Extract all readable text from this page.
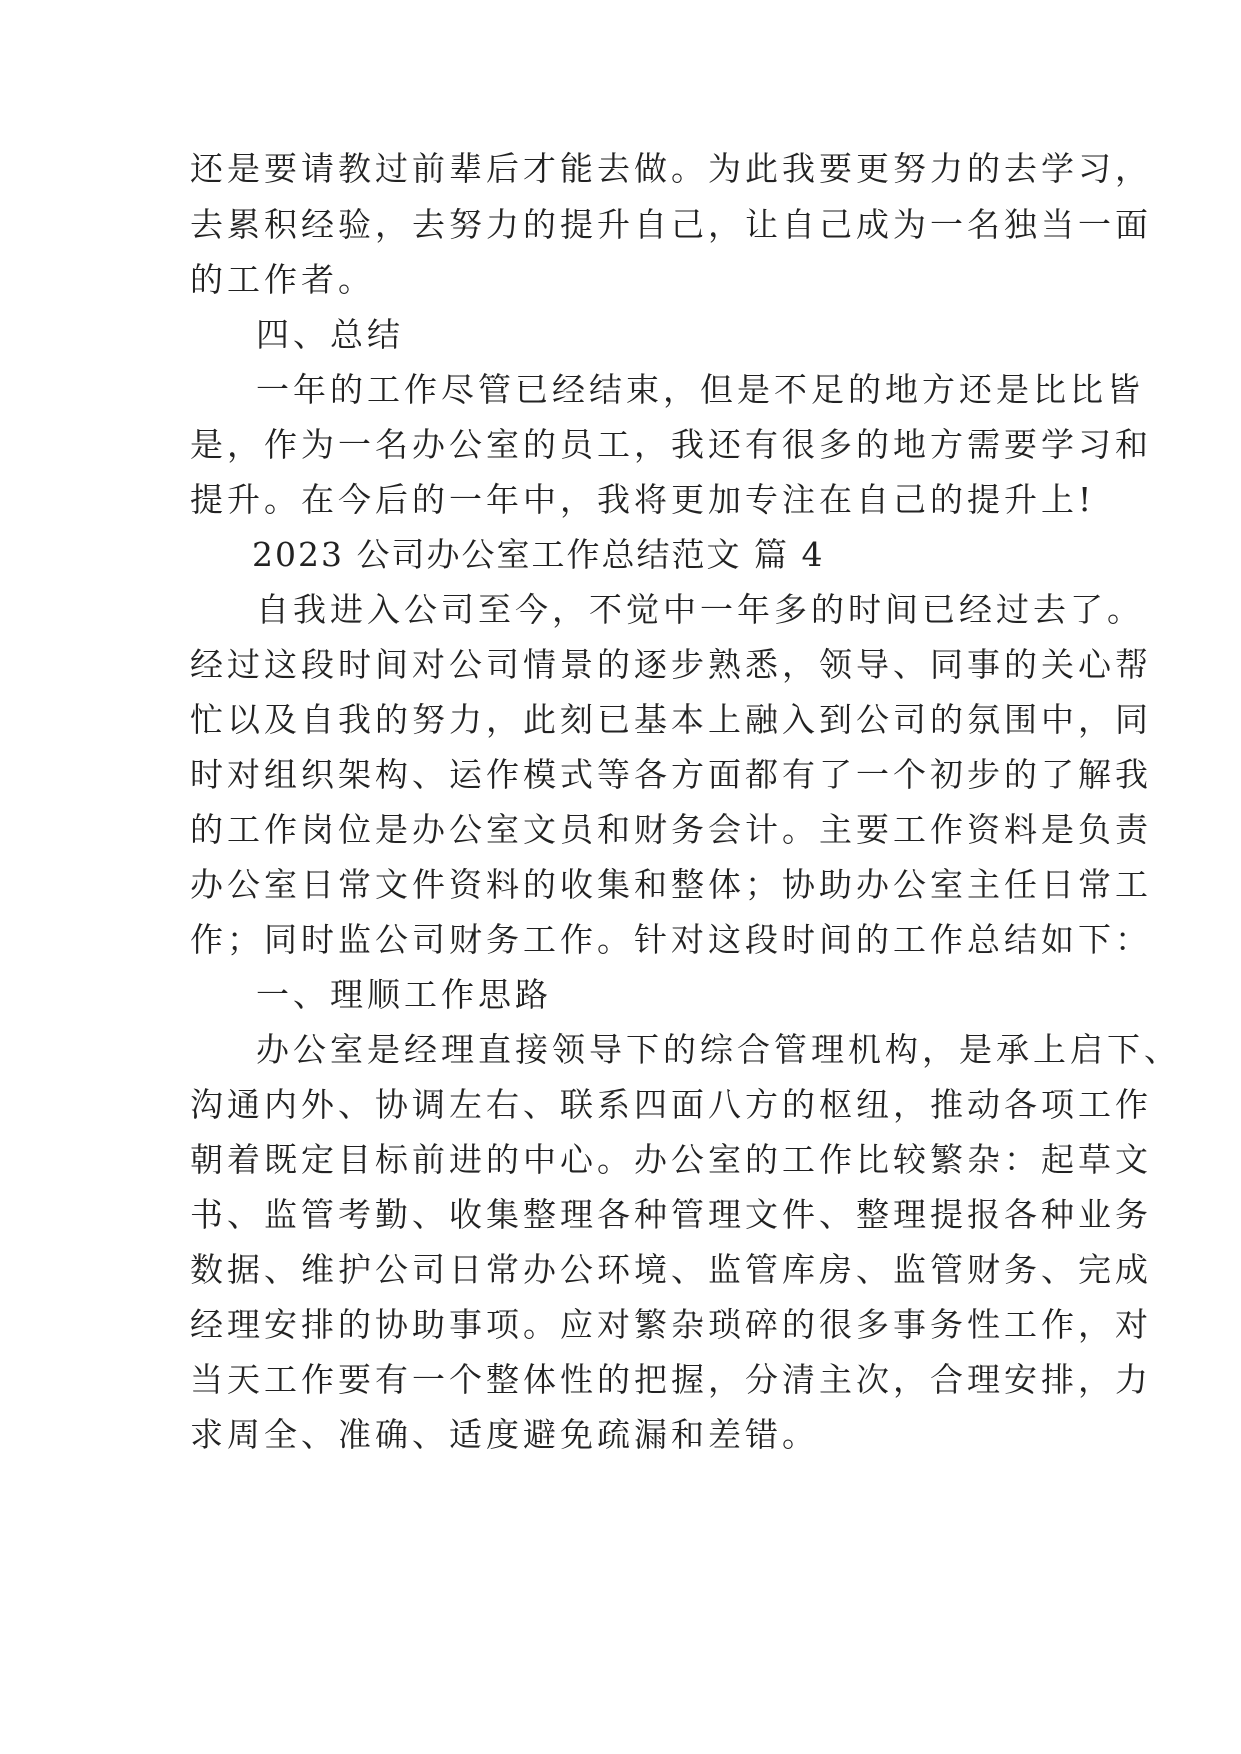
还是要请教过前辈后才能去做。为此我要更努力的去学习，
去累积经验，去努力的提升自己，让自己成为一名独当一面
的工作者。
四、总结
一年的工作尽管已经结束，但是不足的地方还是比比皆
是，作为一名办公室的员工，我还有很多的地方需要学习和
提升。在今后的一年中，我将更加专注在自己的提升上!
2023 公司办公室工作总结范文 篇 4
自我进入公司至今，不觉中一年多的时间已经过去了。
经过这段时间对公司情景的逐步熟悉，领导、同事的关心帮
忙以及自我的努力，此刻已基本上融入到公司的氛围中，同
时对组织架构、运作模式等各方面都有了一个初步的了解我
的工作岗位是办公室文员和财务会计。主要工作资料是负责
办公室日常文件资料的收集和整体；协助办公室主任日常工
作；同时监公司财务工作。针对这段时间的工作总结如下：
一、理顺工作思路
办公室是经理直接领导下的综合管理机构，是承上启下、
沟通内外、协调左右、联系四面八方的枢纽，推动各项工作
朝着既定目标前进的中心。办公室的工作比较繁杂：起草文
书、监管考勤、收集整理各种管理文件、整理提报各种业务
数据、维护公司日常办公环境、监管库房、监管财务、完成
经理安排的协助事项。应对繁杂琐碎的很多事务性工作，对
当天工作要有一个整体性的把握，分清主次，合理安排，力
求周全、准确、适度避免疏漏和差错。
